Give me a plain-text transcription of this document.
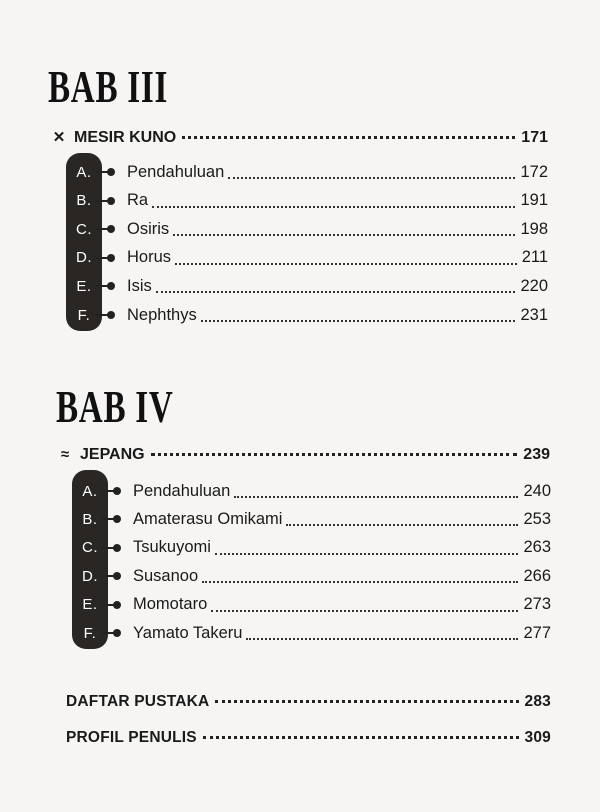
BAB III
✕ MESIR KUNO	171
A.	Pendahuluan	172
B.	Ra	191
C.	Osiris	198
D.	Horus	211
E.	Isis	220
F.	Nephthys	231
BAB IV
≈ JEPANG	239
A.	Pendahuluan	240
B.	Amaterasu Omikami	253
C.	Tsukuyomi	263
D.	Susanoo	266
E.	Momotaro	273
F.	Yamato Takeru	277
DAFTAR PUSTAKA	283
PROFIL PENULIS	309
